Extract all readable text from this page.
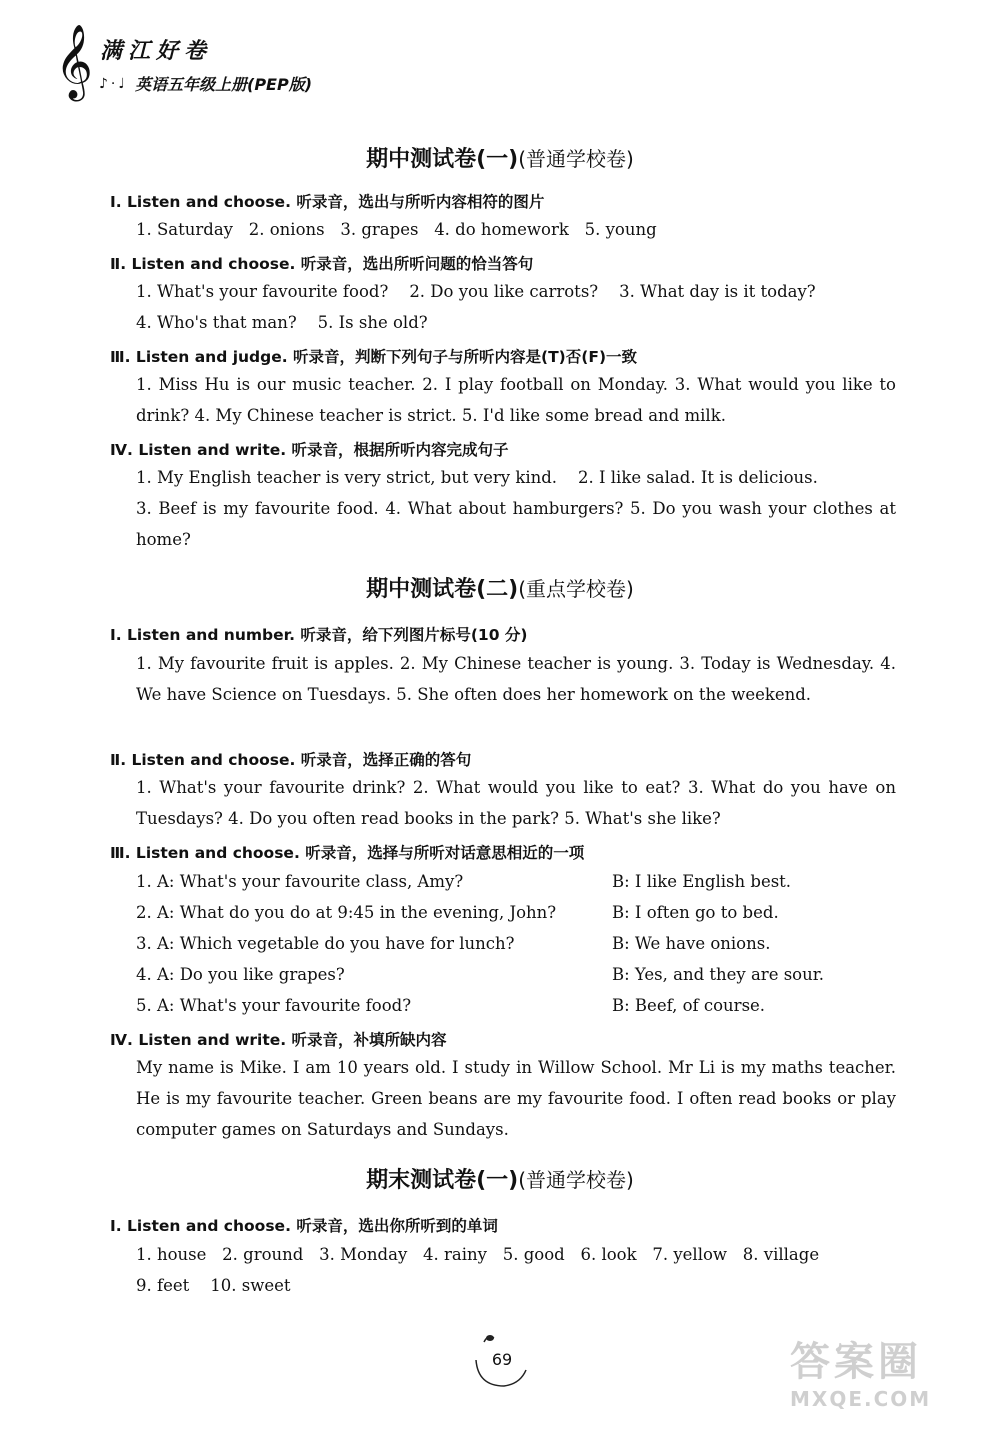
𝄞 满江好卷
♪·♩ 英语五年级上册(PEP版)
期中测试卷(一)(普通学校卷)
Ⅰ. Listen and choose. 听录音，选出与所听内容相符的图片
1. Saturday 2. onions 3. grapes 4. do homework 5. young
Ⅱ. Listen and choose. 听录音，选出所听问题的恰当答句
1. What's your favourite food? 2. Do you like carrots? 3. What day is it today?
4. Who's that man? 5. Is she old?
Ⅲ. Listen and judge. 听录音，判断下列句子与所听内容是(T)否(F)一致
1. Miss Hu is our music teacher. 2. I play football on Monday. 3. What would you like to drink? 4. My Chinese teacher is strict. 5. I'd like some bread and milk.
Ⅳ. Listen and write. 听录音，根据所听内容完成句子
1. My English teacher is very strict, but very kind. 2. I like salad. It is delicious.
3. Beef is my favourite food. 4. What about hamburgers? 5. Do you wash your clothes at home?
期中测试卷(二)(重点学校卷)
Ⅰ. Listen and number. 听录音，给下列图片标号(10 分)
1. My favourite fruit is apples. 2. My Chinese teacher is young. 3. Today is Wednesday. 4. We have Science on Tuesdays. 5. She often does her homework on the weekend.
Ⅱ. Listen and choose. 听录音，选择正确的答句
1. What's your favourite drink? 2. What would you like to eat? 3. What do you have on Tuesdays? 4. Do you often read books in the park? 5. What's she like?
Ⅲ. Listen and choose. 听录音，选择与所听对话意思相近的一项
1. A: What's your favourite class, Amy?	B: I like English best.
2. A: What do you do at 9:45 in the evening, John?	B: I often go to bed.
3. A: Which vegetable do you have for lunch?	B: We have onions.
4. A: Do you like grapes?	B: Yes, and they are sour.
5. A: What's your favourite food?	B: Beef, of course.
Ⅳ. Listen and write. 听录音，补填所缺内容
My name is Mike. I am 10 years old. I study in Willow School. Mr Li is my maths teacher. He is my favourite teacher. Green beans are my favourite food. I often read books or play computer games on Saturdays and Sundays.
期末测试卷(一)(普通学校卷)
Ⅰ. Listen and choose. 听录音，选出你所听到的单词
1. house 2. ground 3. Monday 4. rainy 5. good 6. look 7. yellow 8. village
9. feet 10. sweet
69	答案圈
MXQE.COM
